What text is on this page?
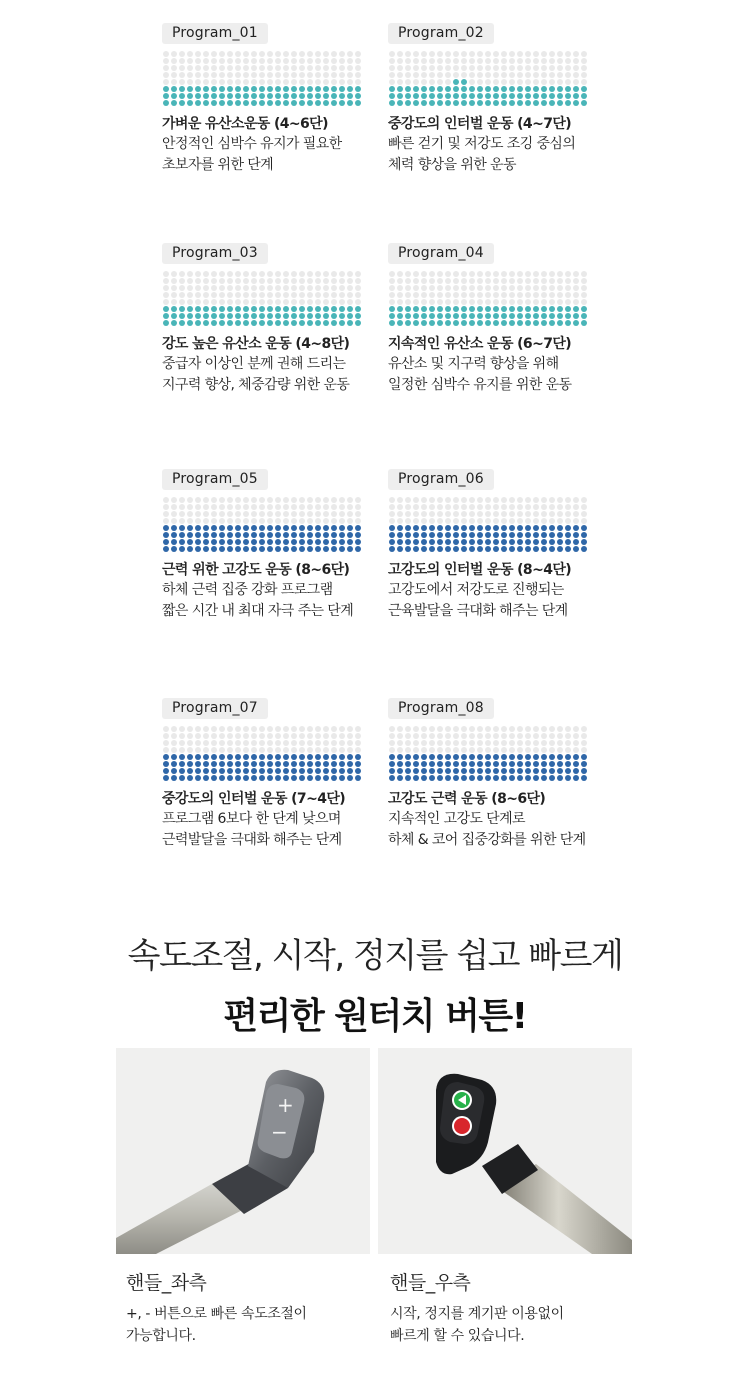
Program_01
가벼운 유산소운동 (4~6단)
안정적인 심박수 유지가 필요한
초보자를 위한 단계
Program_02
중강도의 인터벌 운동 (4~7단)
빠른 걷기 및 저강도 조깅 중심의
체력 향상을 위한 운동
Program_03
강도 높은 유산소 운동 (4~8단)
중급자 이상인 분께 권해 드리는
지구력 향상, 체중감량 위한 운동
Program_04
지속적인 유산소 운동 (6~7단)
유산소 및 지구력 향상을 위해
일정한 심박수 유지를 위한 운동
Program_05
근력 위한 고강도 운동 (8~6단)
하체 근력 집중 강화 프로그램
짧은 시간 내 최대 자극 주는 단계
Program_06
고강도의 인터벌 운동 (8~4단)
고강도에서 저강도로 진행되는
근육발달을 극대화 해주는 단계
Program_07
중강도의 인터벌 운동 (7~4단)
프로그램 6보다 한 단계 낮으며
근력발달을 극대화 해주는 단계
Program_08
고강도 근력 운동 (8~6단)
지속적인 고강도 단계로
하체 & 코어 집중강화를 위한 단계
속도조절, 시작, 정지를 쉽고 빠르게
편리한 원터치 버튼!
+
−
핸들_좌측
+, - 버튼으로 빠른 속도조절이
가능합니다.
핸들_우측
시작, 정지를 계기판 이용없이
빠르게 할 수 있습니다.
